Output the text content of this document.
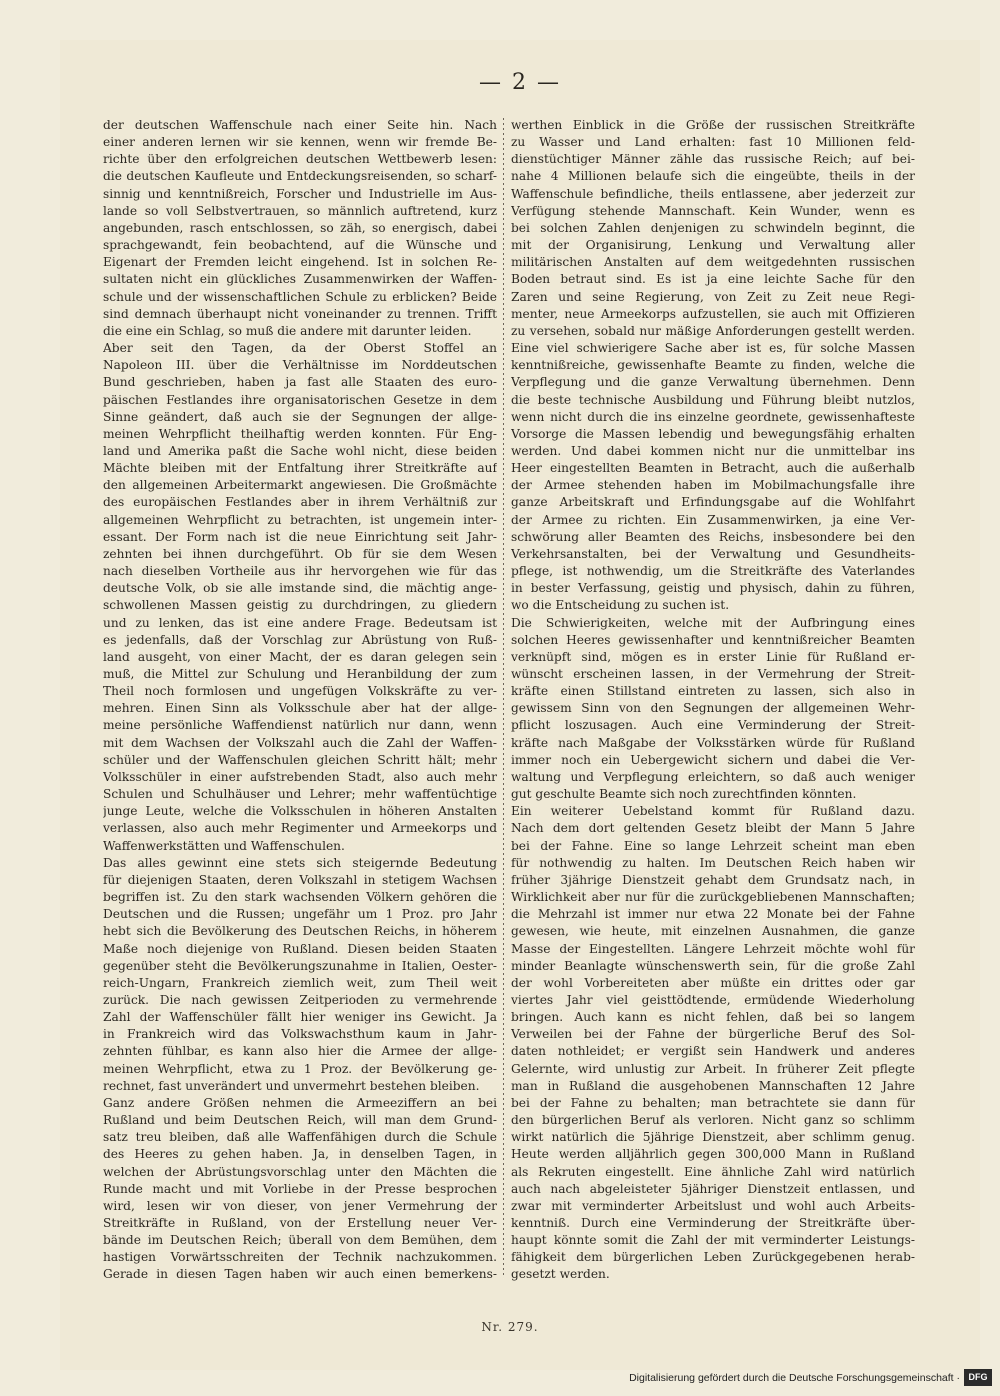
— 2 —
der deutschen Waffenschule nach einer Seite hin. Nach
einer anderen lernen wir sie kennen, wenn wir fremde Be-
richte über den erfolgreichen deutschen Wettbewerb lesen:
die deutschen Kaufleute und Entdeckungsreisenden, so scharf-
sinnig und kenntnißreich, Forscher und Industrielle im Aus-
lande so voll Selbstvertrauen, so männlich auftretend, kurz
angebunden, rasch entschlossen, so zäh, so energisch, dabei
sprachgewandt, fein beobachtend, auf die Wünsche und
Eigenart der Fremden leicht eingehend. Ist in solchen Re-
sultaten nicht ein glückliches Zusammenwirken der Waffen-
schule und der wissenschaftlichen Schule zu erblicken? Beide
sind demnach überhaupt nicht voneinander zu trennen. Trifft
die eine ein Schlag, so muß die andere mit darunter leiden.
Aber seit den Tagen, da der Oberst Stoffel an
Napoleon III. über die Verhältnisse im Norddeutschen
Bund geschrieben, haben ja fast alle Staaten des euro-
päischen Festlandes ihre organisatorischen Gesetze in dem
Sinne geändert, daß auch sie der Segnungen der allge-
meinen Wehrpflicht theilhaftig werden konnten. Für Eng-
land und Amerika paßt die Sache wohl nicht, diese beiden
Mächte bleiben mit der Entfaltung ihrer Streitkräfte auf
den allgemeinen Arbeitermarkt angewiesen. Die Großmächte
des europäischen Festlandes aber in ihrem Verhältniß zur
allgemeinen Wehrpflicht zu betrachten, ist ungemein inter-
essant. Der Form nach ist die neue Einrichtung seit Jahr-
zehnten bei ihnen durchgeführt. Ob für sie dem Wesen
nach dieselben Vortheile aus ihr hervorgehen wie für das
deutsche Volk, ob sie alle imstande sind, die mächtig ange-
schwollenen Massen geistig zu durchdringen, zu gliedern
und zu lenken, das ist eine andere Frage. Bedeutsam ist
es jedenfalls, daß der Vorschlag zur Abrüstung von Ruß-
land ausgeht, von einer Macht, der es daran gelegen sein
muß, die Mittel zur Schulung und Heranbildung der zum
Theil noch formlosen und ungefügen Volkskräfte zu ver-
mehren. Einen Sinn als Volksschule aber hat der allge-
meine persönliche Waffendienst natürlich nur dann, wenn
mit dem Wachsen der Volkszahl auch die Zahl der Waffen-
schüler und der Waffenschulen gleichen Schritt hält; mehr
Volksschüler in einer aufstrebenden Stadt, also auch mehr
Schulen und Schulhäuser und Lehrer; mehr waffentüchtige
junge Leute, welche die Volksschulen in höheren Anstalten
verlassen, also auch mehr Regimenter und Armeekorps und
Waffenwerkstätten und Waffenschulen.
Das alles gewinnt eine stets sich steigernde Bedeutung
für diejenigen Staaten, deren Volkszahl in stetigem Wachsen
begriffen ist. Zu den stark wachsenden Völkern gehören die
Deutschen und die Russen; ungefähr um 1 Proz. pro Jahr
hebt sich die Bevölkerung des Deutschen Reichs, in höherem
Maße noch diejenige von Rußland. Diesen beiden Staaten
gegenüber steht die Bevölkerungszunahme in Italien, Oester-
reich-Ungarn, Frankreich ziemlich weit, zum Theil weit
zurück. Die nach gewissen Zeitperioden zu vermehrende
Zahl der Waffenschüler fällt hier weniger ins Gewicht. Ja
in Frankreich wird das Volkswachsthum kaum in Jahr-
zehnten fühlbar, es kann also hier die Armee der allge-
meinen Wehrpflicht, etwa zu 1 Proz. der Bevölkerung ge-
rechnet, fast unverändert und unvermehrt bestehen bleiben.
Ganz andere Größen nehmen die Armeeziffern an bei
Rußland und beim Deutschen Reich, will man dem Grund-
satz treu bleiben, daß alle Waffenfähigen durch die Schule
des Heeres zu gehen haben. Ja, in denselben Tagen, in
welchen der Abrüstungsvorschlag unter den Mächten die
Runde macht und mit Vorliebe in der Presse besprochen
wird, lesen wir von dieser, von jener Vermehrung der
Streitkräfte in Rußland, von der Erstellung neuer Ver-
bände im Deutschen Reich; überall von dem Bemühen, dem
hastigen Vorwärtsschreiten der Technik nachzukommen.
Gerade in diesen Tagen haben wir auch einen bemerkens-
werthen Einblick in die Größe der russischen Streitkräfte
zu Wasser und Land erhalten: fast 10 Millionen feld-
dienstüchtiger Männer zähle das russische Reich; auf bei-
nahe 4 Millionen belaufe sich die eingeübte, theils in der
Waffenschule befindliche, theils entlassene, aber jederzeit zur
Verfügung stehende Mannschaft. Kein Wunder, wenn es
bei solchen Zahlen denjenigen zu schwindeln beginnt, die
mit der Organisirung, Lenkung und Verwaltung aller
militärischen Anstalten auf dem weitgedehnten russischen
Boden betraut sind. Es ist ja eine leichte Sache für den
Zaren und seine Regierung, von Zeit zu Zeit neue Regi-
menter, neue Armeekorps aufzustellen, sie auch mit Offizieren
zu versehen, sobald nur mäßige Anforderungen gestellt werden.
Eine viel schwierigere Sache aber ist es, für solche Massen
kenntnißreiche, gewissenhafte Beamte zu finden, welche die
Verpflegung und die ganze Verwaltung übernehmen. Denn
die beste technische Ausbildung und Führung bleibt nutzlos,
wenn nicht durch die ins einzelne geordnete, gewissenhafteste
Vorsorge die Massen lebendig und bewegungsfähig erhalten
werden. Und dabei kommen nicht nur die unmittelbar ins
Heer eingestellten Beamten in Betracht, auch die außerhalb
der Armee stehenden haben im Mobilmachungsfalle ihre
ganze Arbeitskraft und Erfindungsgabe auf die Wohlfahrt
der Armee zu richten. Ein Zusammenwirken, ja eine Ver-
schwörung aller Beamten des Reichs, insbesondere bei den
Verkehrsanstalten, bei der Verwaltung und Gesundheits-
pflege, ist nothwendig, um die Streitkräfte des Vaterlandes
in bester Verfassung, geistig und physisch, dahin zu führen,
wo die Entscheidung zu suchen ist.
Die Schwierigkeiten, welche mit der Aufbringung eines
solchen Heeres gewissenhafter und kenntnißreicher Beamten
verknüpft sind, mögen es in erster Linie für Rußland er-
wünscht erscheinen lassen, in der Vermehrung der Streit-
kräfte einen Stillstand eintreten zu lassen, sich also in
gewissem Sinn von den Segnungen der allgemeinen Wehr-
pflicht loszusagen. Auch eine Verminderung der Streit-
kräfte nach Maßgabe der Volksstärken würde für Rußland
immer noch ein Uebergewicht sichern und dabei die Ver-
waltung und Verpflegung erleichtern, so daß auch weniger
gut geschulte Beamte sich noch zurechtfinden könnten.
Ein weiterer Uebelstand kommt für Rußland dazu.
Nach dem dort geltenden Gesetz bleibt der Mann 5 Jahre
bei der Fahne. Eine so lange Lehrzeit scheint man eben
für nothwendig zu halten. Im Deutschen Reich haben wir
früher 3jährige Dienstzeit gehabt dem Grundsatz nach, in
Wirklichkeit aber nur für die zurückgebliebenen Mannschaften;
die Mehrzahl ist immer nur etwa 22 Monate bei der Fahne
gewesen, wie heute, mit einzelnen Ausnahmen, die ganze
Masse der Eingestellten. Längere Lehrzeit möchte wohl für
minder Beanlagte wünschenswerth sein, für die große Zahl
der wohl Vorbereiteten aber müßte ein drittes oder gar
viertes Jahr viel geisttödtende, ermüdende Wiederholung
bringen. Auch kann es nicht fehlen, daß bei so langem
Verweilen bei der Fahne der bürgerliche Beruf des Sol-
daten nothleidet; er vergißt sein Handwerk und anderes
Gelernte, wird unlustig zur Arbeit. In früherer Zeit pflegte
man in Rußland die ausgehobenen Mannschaften 12 Jahre
bei der Fahne zu behalten; man betrachtete sie dann für
den bürgerlichen Beruf als verloren. Nicht ganz so schlimm
wirkt natürlich die 5jährige Dienstzeit, aber schlimm genug.
Heute werden alljährlich gegen 300,000 Mann in Rußland
als Rekruten eingestellt. Eine ähnliche Zahl wird natürlich
auch nach abgeleisteter 5jähriger Dienstzeit entlassen, und
zwar mit verminderter Arbeitslust und wohl auch Arbeits-
kenntniß. Durch eine Verminderung der Streitkräfte über-
haupt könnte somit die Zahl der mit verminderter Leistungs-
fähigkeit dem bürgerlichen Leben Zurückgegebenen herab-
gesetzt werden.
Nr. 279.
Digitalisierung gefördert durch die Deutsche Forschungsgemeinschaft · DFG
